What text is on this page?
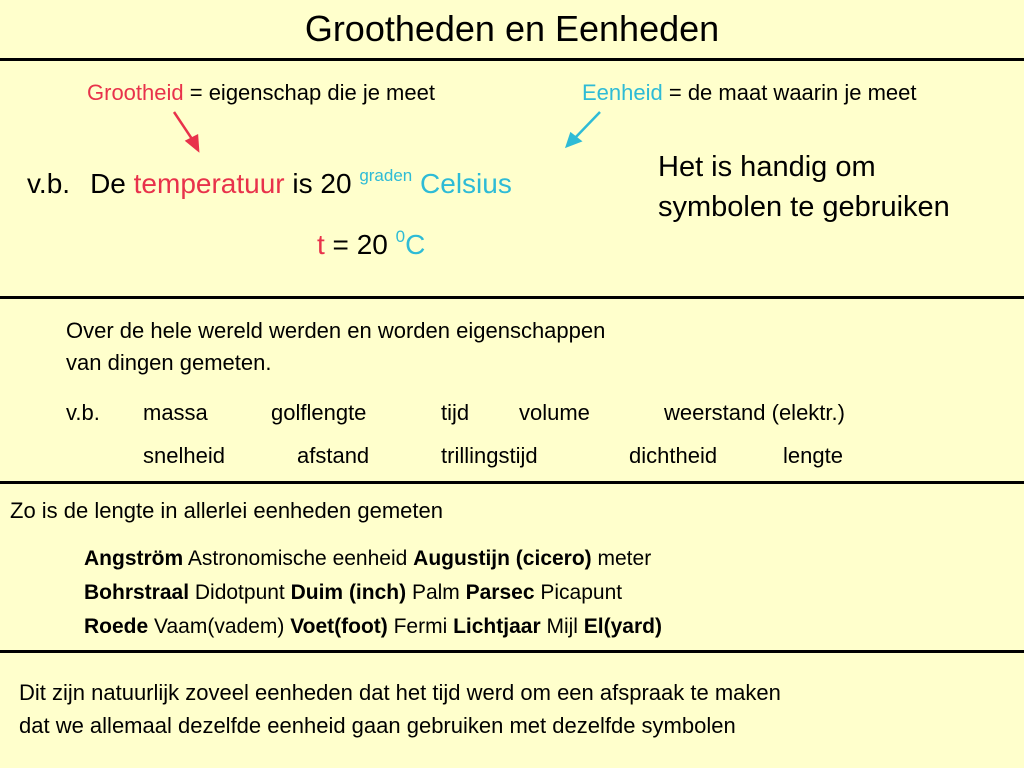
Grootheden en Eenheden
Grootheid = eigenschap die je meet	Eenheid = de maat waarin je meet
v.b. De temperatuur is 20 $^{graden}$ Celsius
t = 20 $^0$C
Het is handig om
symbolen te gebruiken
Over de hele wereld werden en worden eigenschappen
van dingen gemeten.
v.b. massa	golflengte	tijd volume	weerstand (elektr.)
snelheid	afstand	trillingstijd	dichtheid	lengte
Zo is de lengte in allerlei eenheden gemeten
Angström Astronomische eenheid Augustijn (cicero) meter
Bohrstraal Didotpunt Duim (inch) Palm Parsec Picapunt
Roede Vaam(vadem) Voet(foot) Fermi Lichtjaar Mijl El(yard)
Dit zijn natuurlijk zoveel eenheden dat het tijd werd om een afspraak te maken
dat we allemaal dezelfde eenheid gaan gebruiken met dezelfde symbolen
